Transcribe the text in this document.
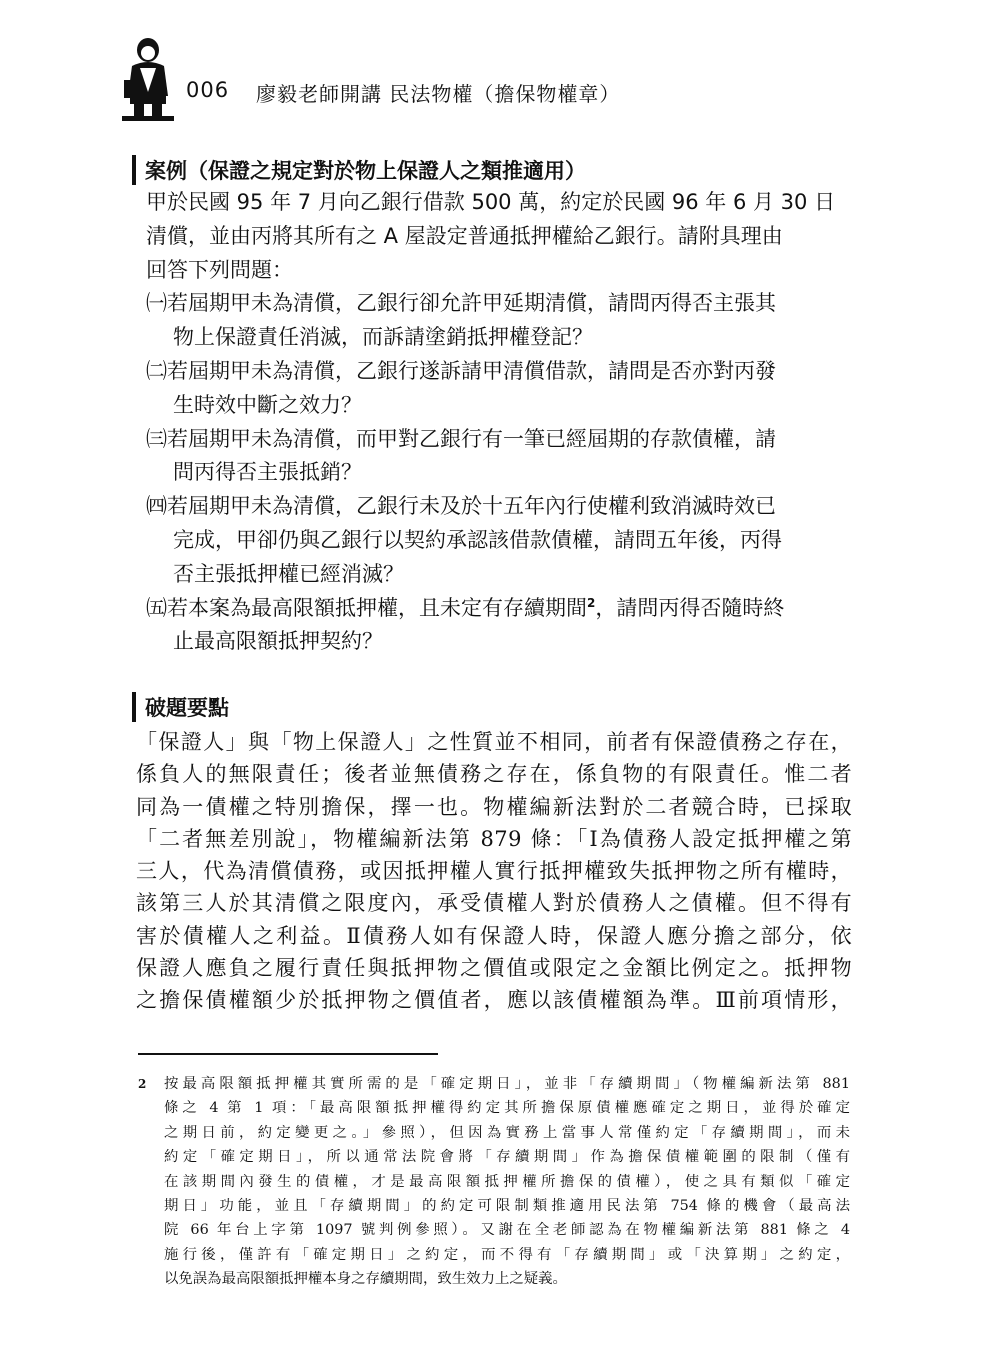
006 廖毅老師開講 民法物權（擔保物權章）
案例（保證之規定對於物上保證人之類推適用）
甲於民國 95 年 7 月向乙銀行借款 500 萬，約定於民國 96 年 6 月 30 日
清償，並由丙將其所有之 A 屋設定普通抵押權給乙銀行。請附具理由
回答下列問題：
㈠若屆期甲未為清償，乙銀行卻允許甲延期清償，請問丙得否主張其
物上保證責任消滅，而訴請塗銷抵押權登記？
㈡若屆期甲未為清償，乙銀行遂訴請甲清償借款，請問是否亦對丙發
生時效中斷之效力？
㈢若屆期甲未為清償，而甲對乙銀行有一筆已經屆期的存款債權，請
問丙得否主張抵銷？
㈣若屆期甲未為清償，乙銀行未及於十五年內行使權利致消滅時效已
完成，甲卻仍與乙銀行以契約承認該借款債權，請問五年後，丙得
否主張抵押權已經消滅？
㈤若本案為最高限額抵押權，且未定有存續期間$^2$，請問丙得否隨時終
止最高限額抵押契約？
破題要點
「保證人」與「物上保證人」之性質並不相同，前者有保證債務之存在，
係負人的無限責任；後者並無債務之存在，係負物的有限責任。惟二者
同為一債權之特別擔保，擇一也。物權編新法對於二者競合時，已採取
「二者無差別說」，物權編新法第 879 條：「Ⅰ為債務人設定抵押權之第
三人，代為清償債務，或因抵押權人實行抵押權致失抵押物之所有權時，
該第三人於其清償之限度內，承受債權人對於債務人之債權。但不得有
害於債權人之利益。Ⅱ債務人如有保證人時，保證人應分擔之部分，依
保證人應負之履行責任與抵押物之價值或限定之金額比例定之。抵押物
之擔保債權額少於抵押物之價值者，應以該債權額為準。Ⅲ前項情形，
2 按最高限額抵押權其實所需的是「確定期日」，並非「存續期間」（物權編新法第 881
條之 4 第 1 項：「最高限額抵押權得約定其所擔保原債權應確定之期日，並得於確定
之期日前，約定變更之。」參照），但因為實務上當事人常僅約定「存續期間」，而未
約定「確定期日」，所以通常法院會將「存續期間」作為擔保債權範圍的限制（僅有
在該期間內發生的債權，才是最高限額抵押權所擔保的債權），使之具有類似「確定
期日」功能，並且「存續期間」的約定可限制類推適用民法第 754 條的機會（最高法
院 66 年台上字第 1097 號判例參照）。又謝在全老師認為在物權編新法第 881 條之 4
施行後，僅許有「確定期日」之約定，而不得有「存續期間」或「決算期」之約定，
以免誤為最高限額抵押權本身之存續期間，致生效力上之疑義。
